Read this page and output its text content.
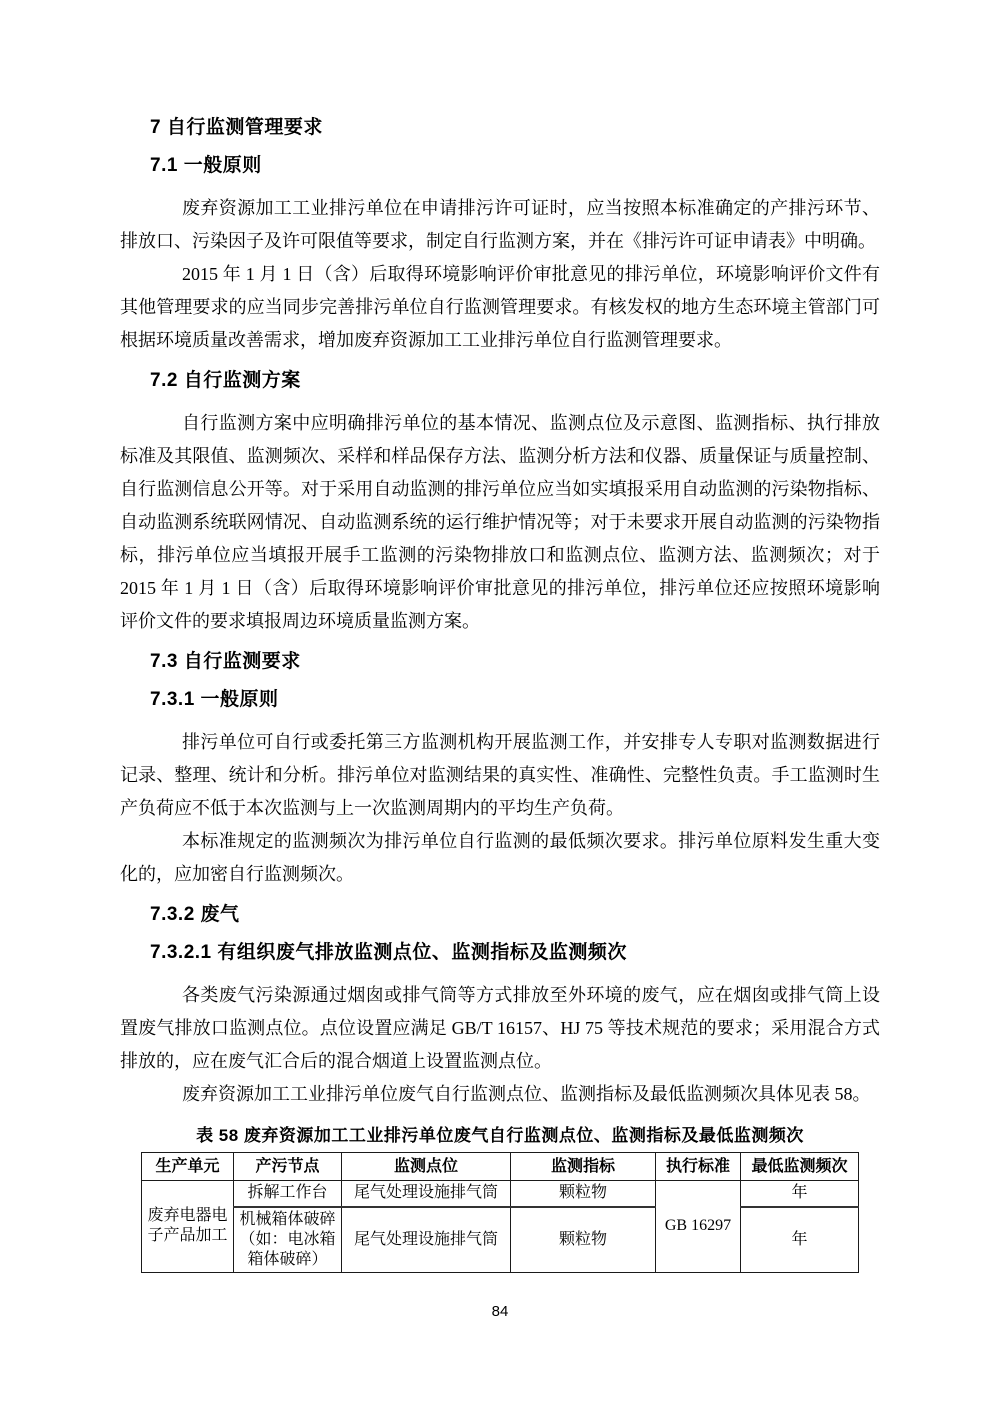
7 自行监测管理要求
7.1 一般原则

废弃资源加工工业排污单位在申请排污许可证时，应当按照本标准确定的产排污环节、排放口、污染因子及许可限值等要求，制定自行监测方案，并在《排污许可证申请表》中明确。

2015 年 1 月 1 日（含）后取得环境影响评价审批意见的排污单位，环境影响评价文件有其他管理要求的应当同步完善排污单位自行监测管理要求。有核发权的地方生态环境主管部门可根据环境质量改善需求，增加废弃资源加工工业排污单位自行监测管理要求。

7.2 自行监测方案

自行监测方案中应明确排污单位的基本情况、监测点位及示意图、监测指标、执行排放标准及其限值、监测频次、采样和样品保存方法、监测分析方法和仪器、质量保证与质量控制、自行监测信息公开等。对于采用自动监测的排污单位应当如实填报采用自动监测的污染物指标、自动监测系统联网情况、自动监测系统的运行维护情况等；对于未要求开展自动监测的污染物指标，排污单位应当填报开展手工监测的污染物排放口和监测点位、监测方法、监测频次；对于 2015 年 1 月 1 日（含）后取得环境影响评价审批意见的排污单位，排污单位还应按照环境影响评价文件的要求填报周边环境质量监测方案。

7.3 自行监测要求
7.3.1 一般原则

排污单位可自行或委托第三方监测机构开展监测工作，并安排专人专职对监测数据进行记录、整理、统计和分析。排污单位对监测结果的真实性、准确性、完整性负责。手工监测时生产负荷应不低于本次监测与上一次监测周期内的平均生产负荷。

本标准规定的监测频次为排污单位自行监测的最低频次要求。排污单位原料发生重大变化的，应加密自行监测频次。

7.3.2 废气
7.3.2.1 有组织废气排放监测点位、监测指标及监测频次

各类废气污染源通过烟囱或排气筒等方式排放至外环境的废气，应在烟囱或排气筒上设置废气排放口监测点位。点位设置应满足 GB/T 16157、HJ 75 等技术规范的要求；采用混合方式排放的，应在废气汇合后的混合烟道上设置监测点位。

废弃资源加工工业排污单位废气自行监测点位、监测指标及最低监测频次具体见表 58。

表 58 废弃资源加工工业排污单位废气自行监测点位、监测指标及最低监测频次
生产单元	产污节点	监测点位	监测指标	执行标准	最低监测频次
废弃电器电子产品加工	拆解工作台	尾气处理设施排气筒	颗粒物	GB 16297	年
	机械箱体破碎（如：电冰箱箱体破碎）	尾气处理设施排气筒	颗粒物		年
84
